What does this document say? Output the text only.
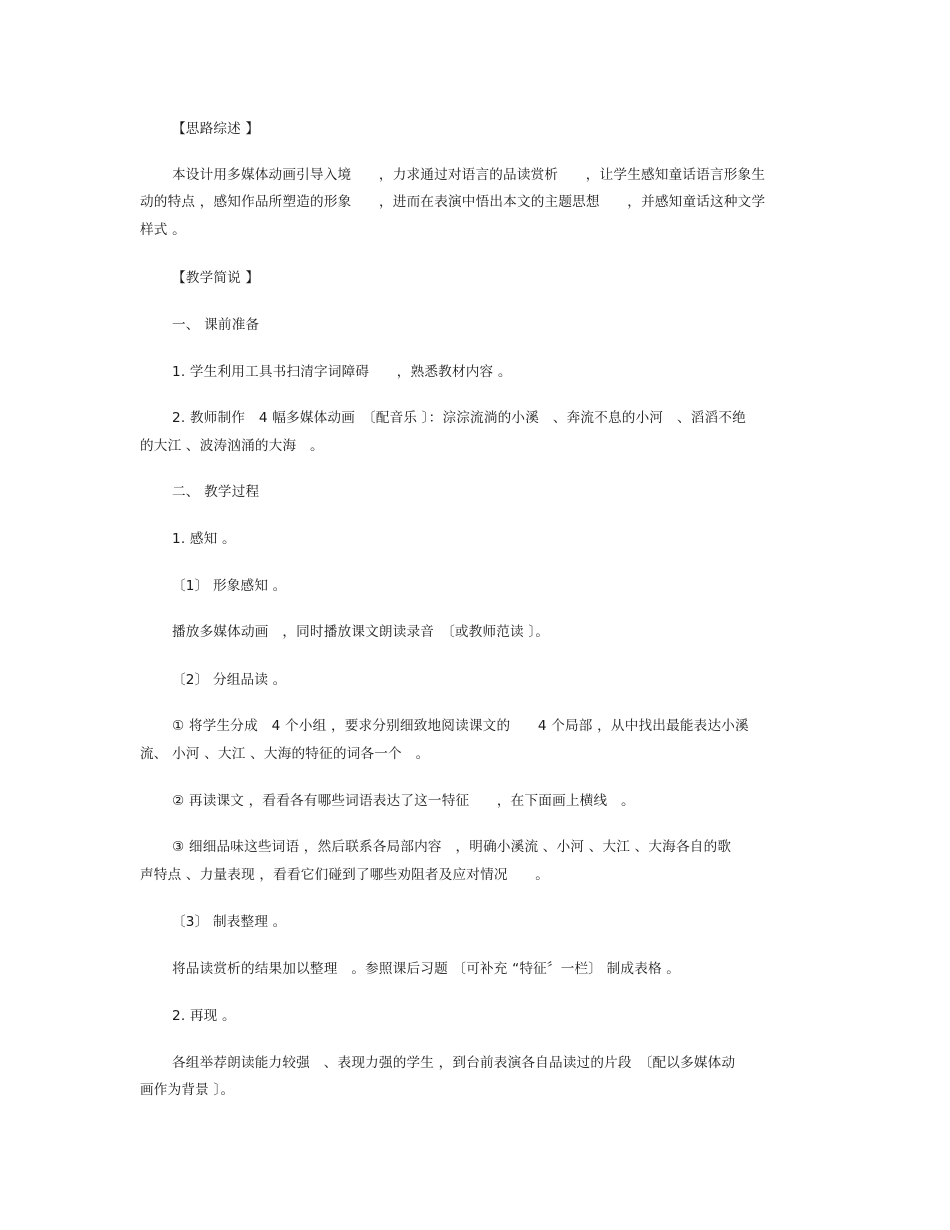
【思路综述 】
本设计用多媒体动画引导入境　　，力求通过对语言的品读赏析　　，让学生感知童话语言形象生
动的特点 ，感知作品所塑造的形象　　，进而在表演中悟出本文的主题思想　　，并感知童话这种文学
样式 。
【教学简说 】
一、 课前准备
1. 学生利用工具书扫清字词障碍　　，熟悉教材内容 。
2. 教师制作　4 幅多媒体动画　〔配音乐 〕：淙淙流淌的小溪　、奔流不息的小河　、滔滔不绝
的大江 、波涛汹涌的大海　。
二、 教学过程
1. 感知 。
〔1〕 形象感知 。
播放多媒体动画　，同时播放课文朗读录音　〔或教师范读 〕。
〔2〕 分组品读 。
① 将学生分成　4 个小组 ，要求分别细致地阅读课文的　　4 个局部 ，从中找出最能表达小溪
流、 小河 、大江 、大海的特征的词各一个　。
② 再读课文 ，看看各有哪些词语表达了这一特征　　，在下面画上横线　。
③ 细细品味这些词语 ，然后联系各局部内容　，明确小溪流 、小河 、大江 、大海各自的歌
声特点 、力量表现 ，看看它们碰到了哪些劝阻者及应对情况　　。
〔3〕 制表整理 。
将品读赏析的结果加以整理　。参照课后习题 〔可补充 “特征〞一栏〕 制成表格 。
2. 再现 。
各组举荐朗读能力较强　、表现力强的学生 ，到台前表演各自品读过的片段　〔配以多媒体动
画作为背景 〕。
